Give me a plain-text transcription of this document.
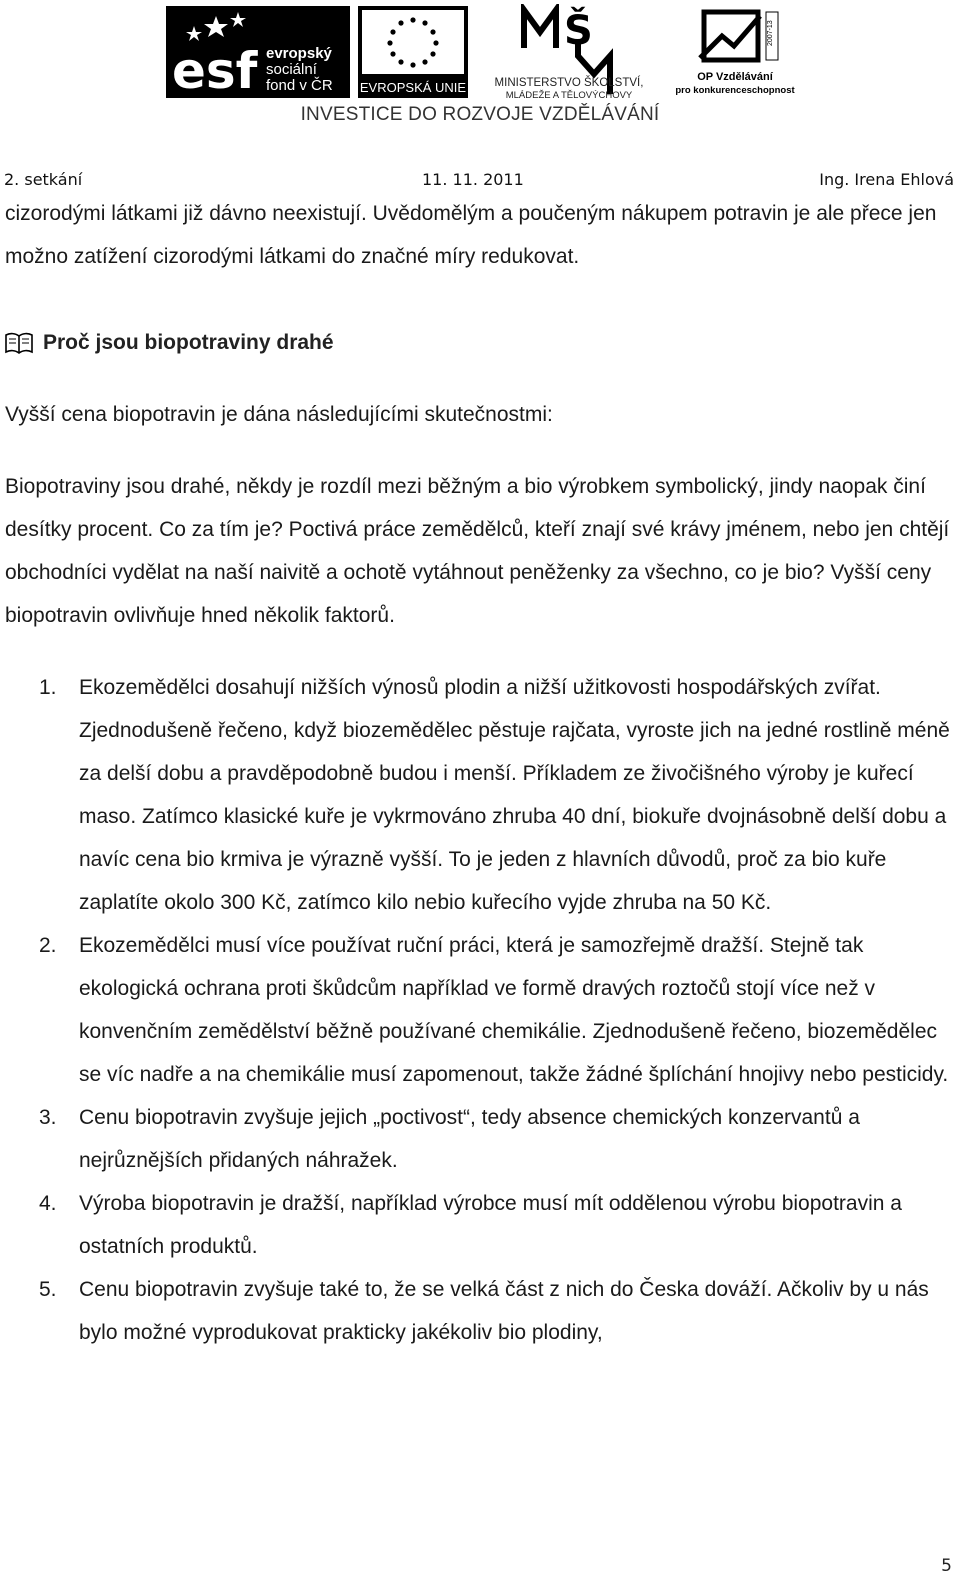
esf evropský
sociální
fond v ČR EVROPSKÁ UNIE
Š
MINISTERSTVO ŠKOLSTVÍ,
MLÁDEŽE A TĚLOVÝCHOVY
2007-13
OP Vzdělávání
pro konkurenceschopnost
INVESTICE DO ROZVOJE VZDĚLÁVÁNÍ
2. setkání	11. 11. 2011	Ing. Irena Ehlová

cizorodými látkami již dávno neexistují. Uvědomělým a poučeným nákupem potravin je ale přece jen možno zatížení cizorodými látkami do značné míry redukovat.

Proč jsou biopotraviny drahé

Vyšší cena biopotravin je dána následujícími skutečnostmi:

Biopotraviny jsou drahé, někdy je rozdíl mezi běžným a bio výrobkem symbolický, jindy naopak činí desítky procent. Co za tím je? Poctivá práce zemědělců, kteří znají své krávy jménem, nebo jen chtějí obchodníci vydělat na naší naivitě a ochotě vytáhnout peněženky za všechno, co je bio? Vyšší ceny biopotravin ovlivňuje hned několik faktorů.

1. Ekozemědělci dosahují nižších výnosů plodin a nižší užitkovosti hospodářských zvířat. Zjednodušeně řečeno, když biozemědělec pěstuje rajčata, vyroste jich na jedné rostlině méně za delší dobu a pravděpodobně budou i menší. Příkladem ze živočišného výroby je kuřecí maso. Zatímco klasické kuře je vykrmováno zhruba 40 dní, biokuře dvojnásobně delší dobu a navíc cena bio krmiva je výrazně vyšší. To je jeden z hlavních důvodů, proč za bio kuře zaplatíte okolo 300 Kč, zatímco kilo nebio kuřecího vyjde zhruba na 50 Kč.
2. Ekozemědělci musí více používat ruční práci, která je samozřejmě dražší. Stejně tak ekologická ochrana proti škůdcům například ve formě dravých roztočů stojí více než v konvenčním zemědělství běžně používané chemikálie. Zjednodušeně řečeno, biozemědělec se víc nadře a na chemikálie musí zapomenout, takže žádné šplíchání hnojivy nebo pesticidy.
3. Cenu biopotravin zvyšuje jejich „poctivost“, tedy absence chemických konzervantů a nejrůznějších přidaných náhražek.
4. Výroba biopotravin je dražší, například výrobce musí mít oddělenou výrobu biopotravin a ostatních produktů.
5. Cenu biopotravin zvyšuje také to, že se velká část z nich do Česka dováží. Ačkoliv by u nás bylo možné vyprodukovat prakticky jakékoliv bio plodiny,
5
